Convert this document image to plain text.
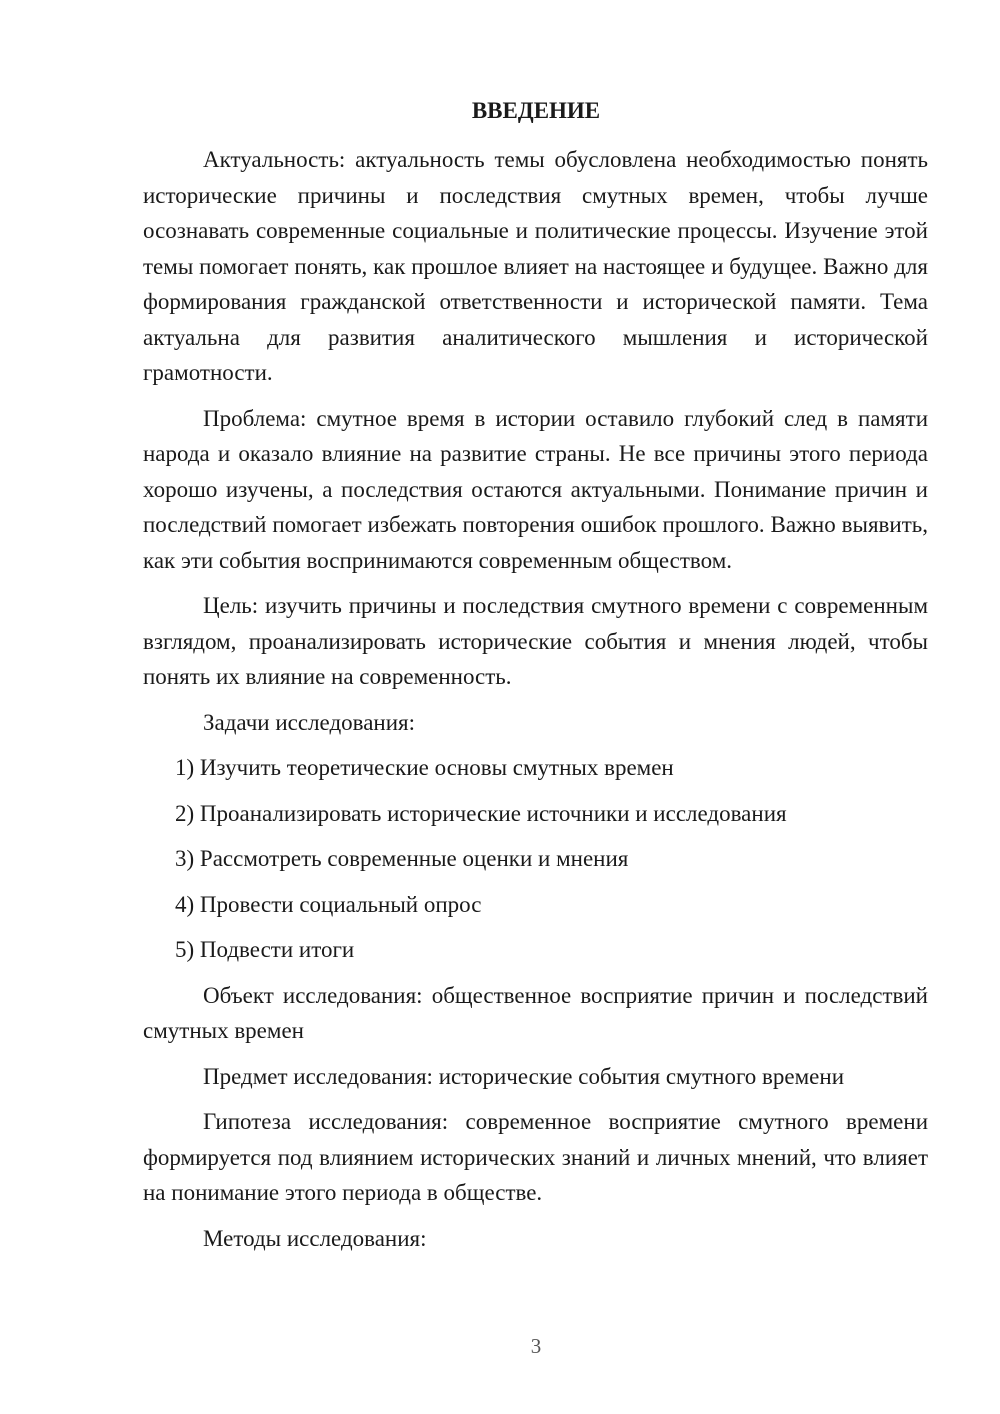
ВВЕДЕНИЕ

Актуальность: актуальность темы обусловлена необходимостью понять исторические причины и последствия смутных времен, чтобы лучше осознавать современные социальные и политические процессы. Изучение этой темы помогает понять, как прошлое влияет на настоящее и будущее. Важно для формирования гражданской ответственности и исторической памяти. Тема актуальна для развития аналитического мышления и исторической грамотности.

Проблема: смутное время в истории оставило глубокий след в памяти народа и оказало влияние на развитие страны. Не все причины этого периода хорошо изучены, а последствия остаются актуальными. Понимание причин и последствий помогает избежать повторения ошибок прошлого. Важно выявить, как эти события воспринимаются современным обществом.

Цель: изучить причины и последствия смутного времени с современным взглядом, проанализировать исторические события и мнения людей, чтобы понять их влияние на современность.

Задачи исследования:

1) Изучить теоретические основы смутных времен
2) Проанализировать исторические источники и исследования
3) Рассмотреть современные оценки и мнения
4) Провести социальный опрос
5) Подвести итоги

Объект исследования: общественное восприятие причин и последствий смутных времен

Предмет исследования: исторические события смутного времени

Гипотеза исследования: современное восприятие смутного времени формируется под влиянием исторических знаний и личных мнений, что влияет на понимание этого периода в обществе.

Методы исследования:

3
